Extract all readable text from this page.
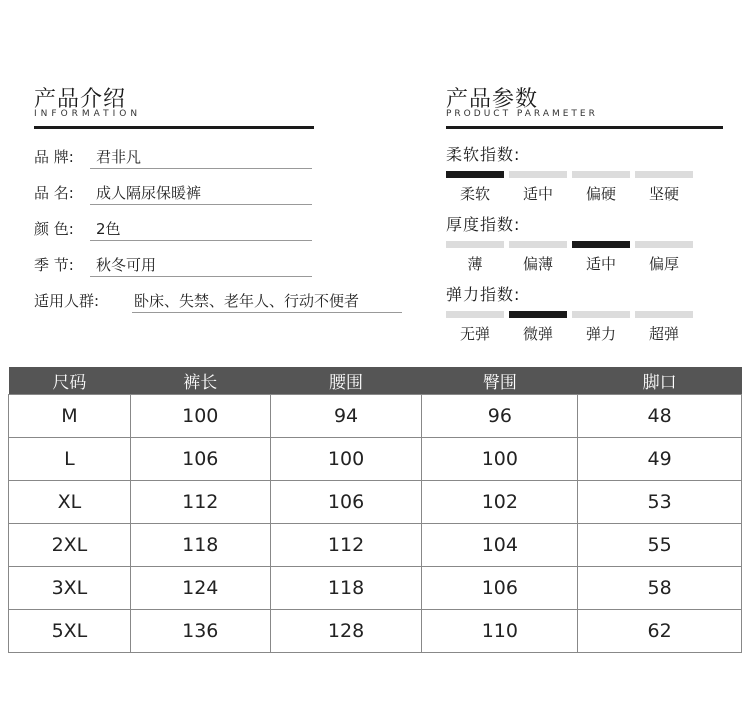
产品介绍
INFORMATION
品 牌: 君非凡
品 名: 成人隔尿保暖裤
颜 色: 2色
季 节: 秋冬可用
适用人群: 卧床、失禁、老年人、行动不便者
产品参数
PRODUCT PARAMETER
柔软指数:
柔软	适中	偏硬	坚硬
厚度指数:
薄	偏薄	适中	偏厚
弹力指数:
无弹	微弹	弹力	超弹
尺码	裤长	腰围	臀围	脚口
M	100	94	96	48
L	106	100	100	49
XL	112	106	102	53
2XL	118	112	104	55
3XL	124	118	106	58
5XL	136	128	110	62
